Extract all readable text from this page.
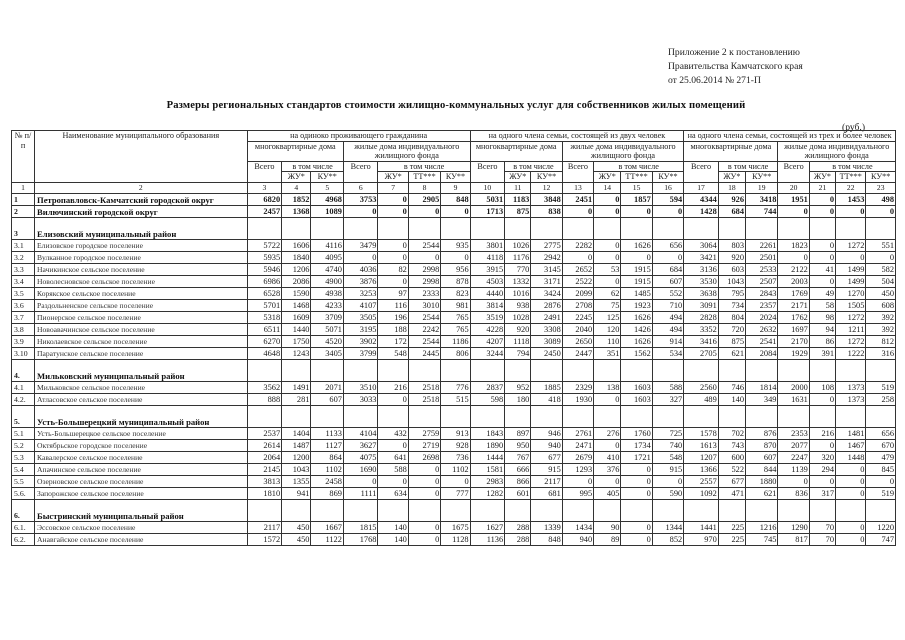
Приложение 2 к постановлению
Правительства Камчатского края
от 25.06.2014 № 271-П
Размеры региональных стандартов стоимости жилищно-коммунальных услуг для собственников жилых помещений
(руб.)
№ п/п	Наименование муниципального образования	на одиноко проживающего гражданина							на одного члена семьи, состоящей из двух человек							на одного члена семьи, состоящей из трех и более человек						
		многоквартирные дома			жилые дома индивидуального жилищного фонда				многоквартирные дома			жилые дома индивидуального жилищного фонда				многоквартирные дома			жилые дома индивидуального жилищного фонда			
		Всего	в том числе		Всего	в том числе			Всего	в том числе		Всего	в том числе			Всего	в том числе		Всего	в том числе		
			ЖУ*	КУ**		ЖУ*	ТТ***	КУ**		ЖУ*	КУ**		ЖУ*	ТТ***	КУ**		ЖУ*	КУ**		ЖУ*	ТТ***	КУ**
1	2	3	4	5	6	7	8	9	10	11	12	13	14	15	16	17	18	19	20	21	22	23
1	Петропавловск-Камчатский городской округ	6820	1852	4968	3753	0	2905	848	5031	1183	3848	2451	0	1857	594	4344	926	3418	1951	0	1453	498
2	Вилючинский городской округ	2457	1368	1089	0	0	0	0	1713	875	838	0	0	0	0	1428	684	744	0	0	0	0
3	Елизовский муниципальный район																					
3.1	Елизовское городское поселение	5722	1606	4116	3479	0	2544	935	3801	1026	2775	2282	0	1626	656	3064	803	2261	1823	0	1272	551
3.2	Вулканное городское поселение	5935	1840	4095	0	0	0	0	4118	1176	2942	0	0	0	0	3421	920	2501	0	0	0	0
3.3	Начикинское сельское поселение	5946	1206	4740	4036	82	2998	956	3915	770	3145	2652	53	1915	684	3136	603	2533	2122	41	1499	582
3.4	Новолесновское сельское поселение	6986	2086	4900	3876	0	2998	878	4503	1332	3171	2522	0	1915	607	3530	1043	2507	2003	0	1499	504
3.5	Корякское сельское поселение	6528	1590	4938	3253	97	2333	823	4440	1016	3424	2099	62	1485	552	3638	795	2843	1769	49	1270	450
3.6	Раздольненское сельское поселение	5701	1468	4233	4107	116	3010	981	3814	938	2876	2708	75	1923	710	3091	734	2357	2171	58	1505	608
3.7	Пионерское сельское поселение	5318	1609	3709	3505	196	2544	765	3519	1028	2491	2245	125	1626	494	2828	804	2024	1762	98	1272	392
3.8	Новоавачинское сельское поселение	6511	1440	5071	3195	188	2242	765	4228	920	3308	2040	120	1426	494	3352	720	2632	1697	94	1211	392
3.9	Николаевское сельское поселение	6270	1750	4520	3902	172	2544	1186	4207	1118	3089	2650	110	1626	914	3416	875	2541	2170	86	1272	812
3.10	Паратунское сельское поселение	4648	1243	3405	3799	548	2445	806	3244	794	2450	2447	351	1562	534	2705	621	2084	1929	391	1222	316
4.	Мильковский муниципальный район																					
4.1	Мильковское сельское поселение	3562	1491	2071	3510	216	2518	776	2837	952	1885	2329	138	1603	588	2560	746	1814	2000	108	1373	519
4.2.	Атласовское сельское поселение	888	281	607	3033	0	2518	515	598	180	418	1930	0	1603	327	489	140	349	1631	0	1373	258
5.	Усть-Большерецкий муниципальный район																					
5.1	Усть-Большерецкое сельское поселение	2537	1404	1133	4104	432	2759	913	1843	897	946	2761	276	1760	725	1578	702	876	2353	216	1481	656
5.2	Октябрьское городское поселение	2614	1487	1127	3627	0	2719	928	1890	950	940	2471	0	1734	740	1613	743	870	2077	0	1467	670
5.3	Кавалерское сельское поселение	2064	1200	864	4075	641	2698	736	1444	767	677	2679	410	1721	548	1207	600	607	2247	320	1448	479
5.4	Апачинское сельское поселение	2145	1043	1102	1690	588	0	1102	1581	666	915	1293	376	0	915	1366	522	844	1139	294	0	845
5.5	Озерновское сельское поселение	3813	1355	2458	0	0	0	0	2983	866	2117	0	0	0	0	2557	677	1880	0	0	0	0
5.6.	Запорожское сельское поселение	1810	941	869	1111	634	0	777	1282	601	681	995	405	0	590	1092	471	621	836	317	0	519
6.	Быстринский муниципальный район																					
6.1.	Эссовское сельское поселение	2117	450	1667	1815	140	0	1675	1627	288	1339	1434	90	0	1344	1441	225	1216	1290	70	0	1220
6.2.	Анавгайское сельское поселение	1572	450	1122	1768	140	0	1128	1136	288	848	940	89	0	852	970	225	745	817	70	0	747
